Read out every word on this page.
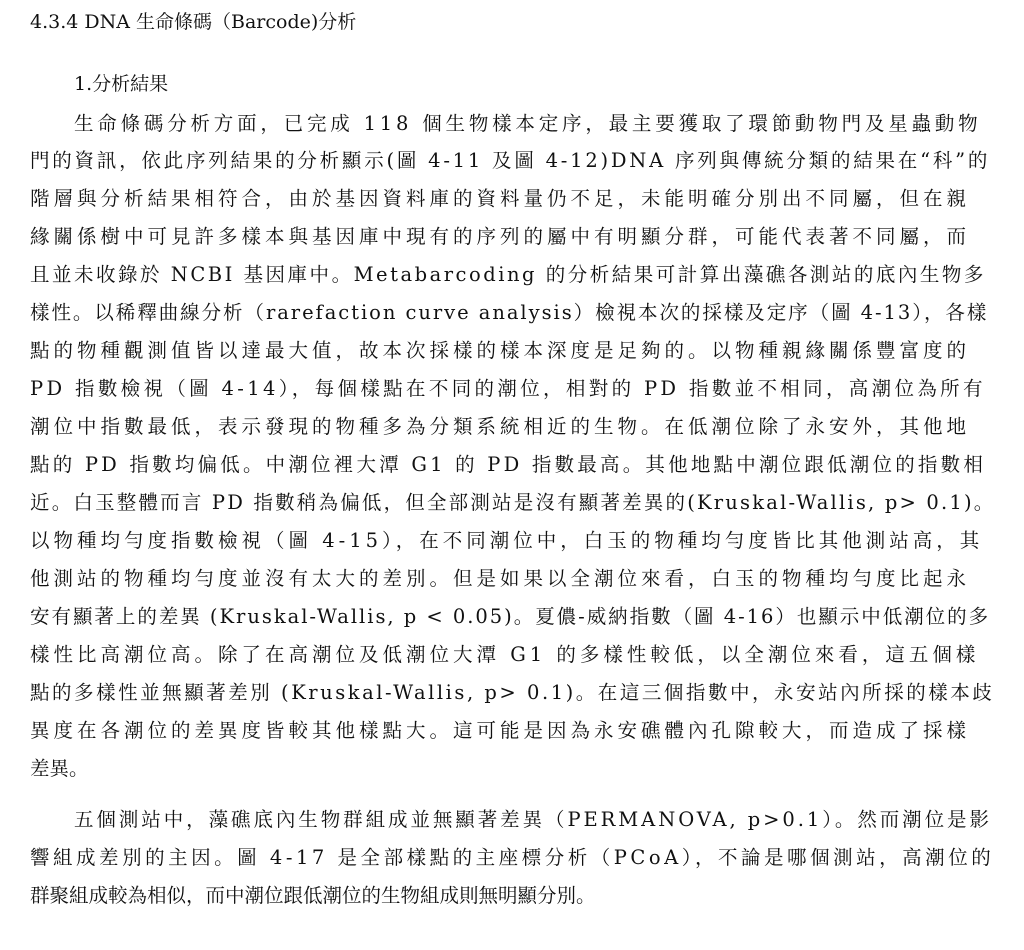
4.3.4 DNA 生命條碼（Barcode)分析
1.分析結果
生命條碼分析方面，已完成 118 個生物樣本定序，最主要獲取了環節動物門及星蟲動物
門的資訊，依此序列結果的分析顯示(圖 4-11 及圖 4-12)DNA 序列與傳統分類的結果在“科”的
階層與分析結果相符合，由於基因資料庫的資料量仍不足，未能明確分別出不同屬，但在親
緣關係樹中可見許多樣本與基因庫中現有的序列的屬中有明顯分群，可能代表著不同屬，而
且並未收錄於 NCBI 基因庫中。Metabarcoding 的分析結果可計算出藻礁各測站的底內生物多
樣性。以稀釋曲線分析（rarefaction curve analysis）檢視本次的採樣及定序（圖 4-13），各樣
點的物種觀測值皆以達最大值，故本次採樣的樣本深度是足夠的。以物種親緣關係豐富度的
PD 指數檢視（圖 4-14），每個樣點在不同的潮位，相對的 PD 指數並不相同，高潮位為所有
潮位中指數最低，表示發現的物種多為分類系統相近的生物。在低潮位除了永安外，其他地
點的 PD 指數均偏低。中潮位裡大潭 G1 的 PD 指數最高。其他地點中潮位跟低潮位的指數相
近。白玉整體而言 PD 指數稍為偏低，但全部測站是沒有顯著差異的(Kruskal-Wallis, p> 0.1)。
以物種均勻度指數檢視（圖 4-15），在不同潮位中，白玉的物種均勻度皆比其他測站高，其
他測站的物種均勻度並沒有太大的差別。但是如果以全潮位來看，白玉的物種均勻度比起永
安有顯著上的差異 (Kruskal-Wallis, p < 0.05)。夏儂-威納指數（圖 4-16）也顯示中低潮位的多
樣性比高潮位高。除了在高潮位及低潮位大潭 G1 的多樣性較低，以全潮位來看，這五個樣
點的多樣性並無顯著差別 (Kruskal-Wallis, p> 0.1)。在這三個指數中，永安站內所採的樣本歧
異度在各潮位的差異度皆較其他樣點大。這可能是因為永安礁體內孔隙較大，而造成了採樣
差異。
五個測站中，藻礁底內生物群組成並無顯著差異（PERMANOVA, p>0.1）。然而潮位是影
響組成差別的主因。圖 4-17 是全部樣點的主座標分析（PCoA），不論是哪個測站，高潮位的
群聚組成較為相似，而中潮位跟低潮位的生物組成則無明顯分別。
